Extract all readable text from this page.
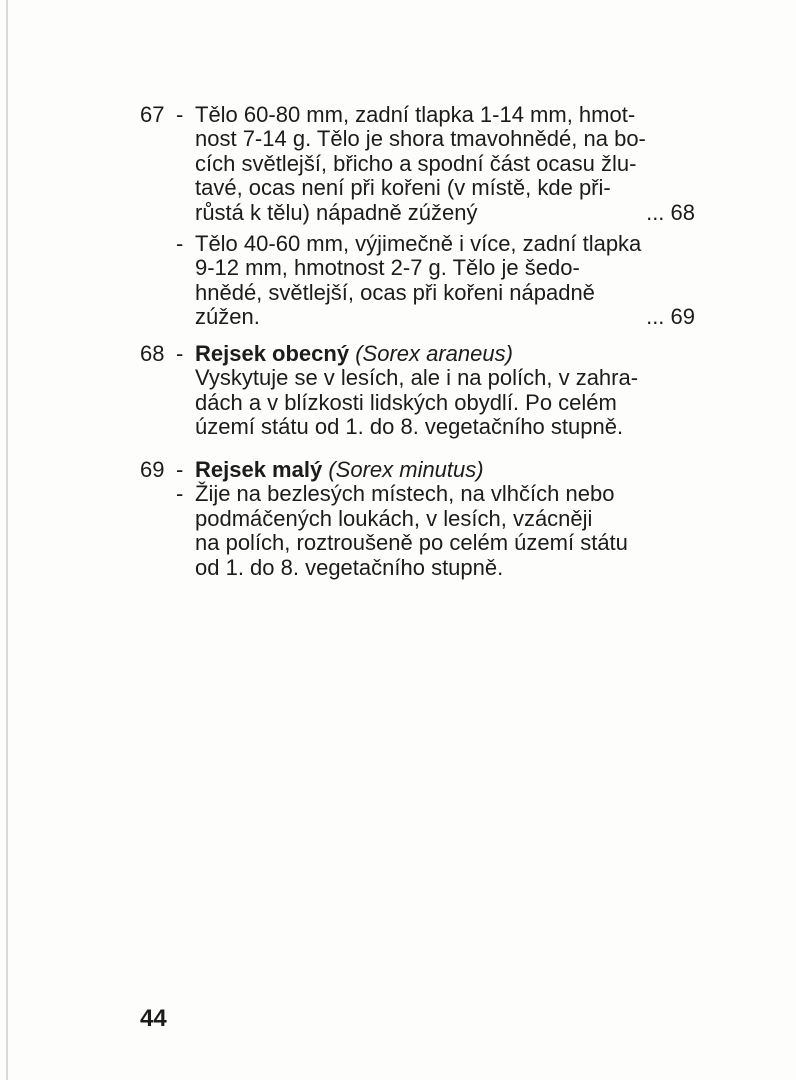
67 - Tělo 60-80 mm, zadní tlapka 1-14 mm, hmot-
nost 7-14 g. Tělo je shora tmavohnědé, na bo-
cích světlejší, břicho a spodní část ocasu žlu-
tavé, ocas není při kořeni (v místě, kde při-
růstá k tělu) nápadně zúžený	... 68
- Tělo 40-60 mm, výjimečně i více, zadní tlapka
9-12 mm, hmotnost 2-7 g. Tělo je šedo-
hnědé, světlejší, ocas při kořeni nápadně
zúžen.	... 69
68 - Rejsek obecný (Sorex araneus)
Vyskytuje se v lesích, ale i na polích, v zahra-
dách a v blízkosti lidských obydlí. Po celém
území státu od 1. do 8. vegetačního stupně.
69 -
-
Rejsek malý (Sorex minutus)
Žije na bezlesých místech, na vlhčích nebo
podmáčených loukách, v lesích, vzácněji
na polích, roztroušeně po celém území státu
od 1. do 8. vegetačního stupně.
44
